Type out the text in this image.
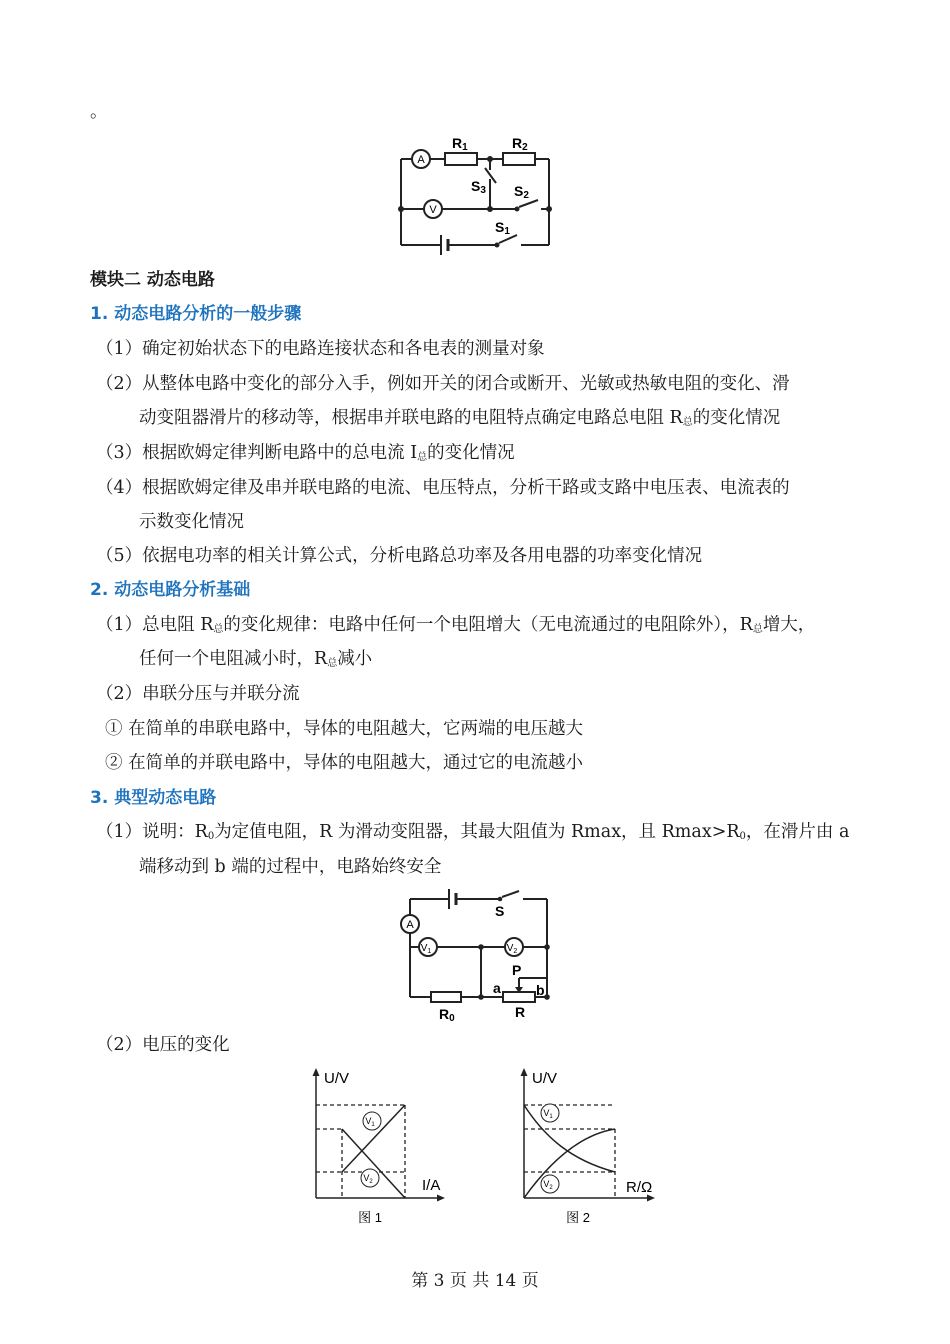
。
A
V
R1	R2
S3 S2
S1
模块二 动态电路
1. 动态电路分析的一般步骤
（1）确定初始状态下的电路连接状态和各电表的测量对象
（2）从整体电路中变化的部分入手，例如开关的闭合或断开、光敏或热敏电阻的变化、滑
动变阻器滑片的移动等，根据串并联电路的电阻特点确定电路总电阻 $R_总$的变化情况
（3）根据欧姆定律判断电路中的总电流 $I_总$的变化情况
（4）根据欧姆定律及串并联电路的电流、电压特点，分析干路或支路中电压表、电流表的
示数变化情况
（5）依据电功率的相关计算公式，分析电路总功率及各用电器的功率变化情况
2. 动态电路分析基础
（1）总电阻 $R_总$的变化规律：电路中任何一个电阻增大（无电流通过的电阻除外），$R_总$增大，
任何一个电阻减小时，$R_总$减小
（2）串联分压与并联分流
① 在简单的串联电路中，导体的电阻越大，它两端的电压越大
② 在简单的并联电路中，导体的电阻越大，通过它的电流越小
3. 典型动态电路
（1）说明：$R_0$为定值电阻，R 为滑动变阻器，其最大阻值为 Rmax，且 $Rmax>R_0$，在滑片由 a
端移动到 b 端的过程中，电路始终安全
A
$V_1$	$V_2$
S
P
a	b
R0	R
（2）电压的变化
$V_1$
$V_2$
U/V
I/A
图 1
$V_1$
$V_2$
U/V
R/Ω
图 2
第 3 页 共 14 页
